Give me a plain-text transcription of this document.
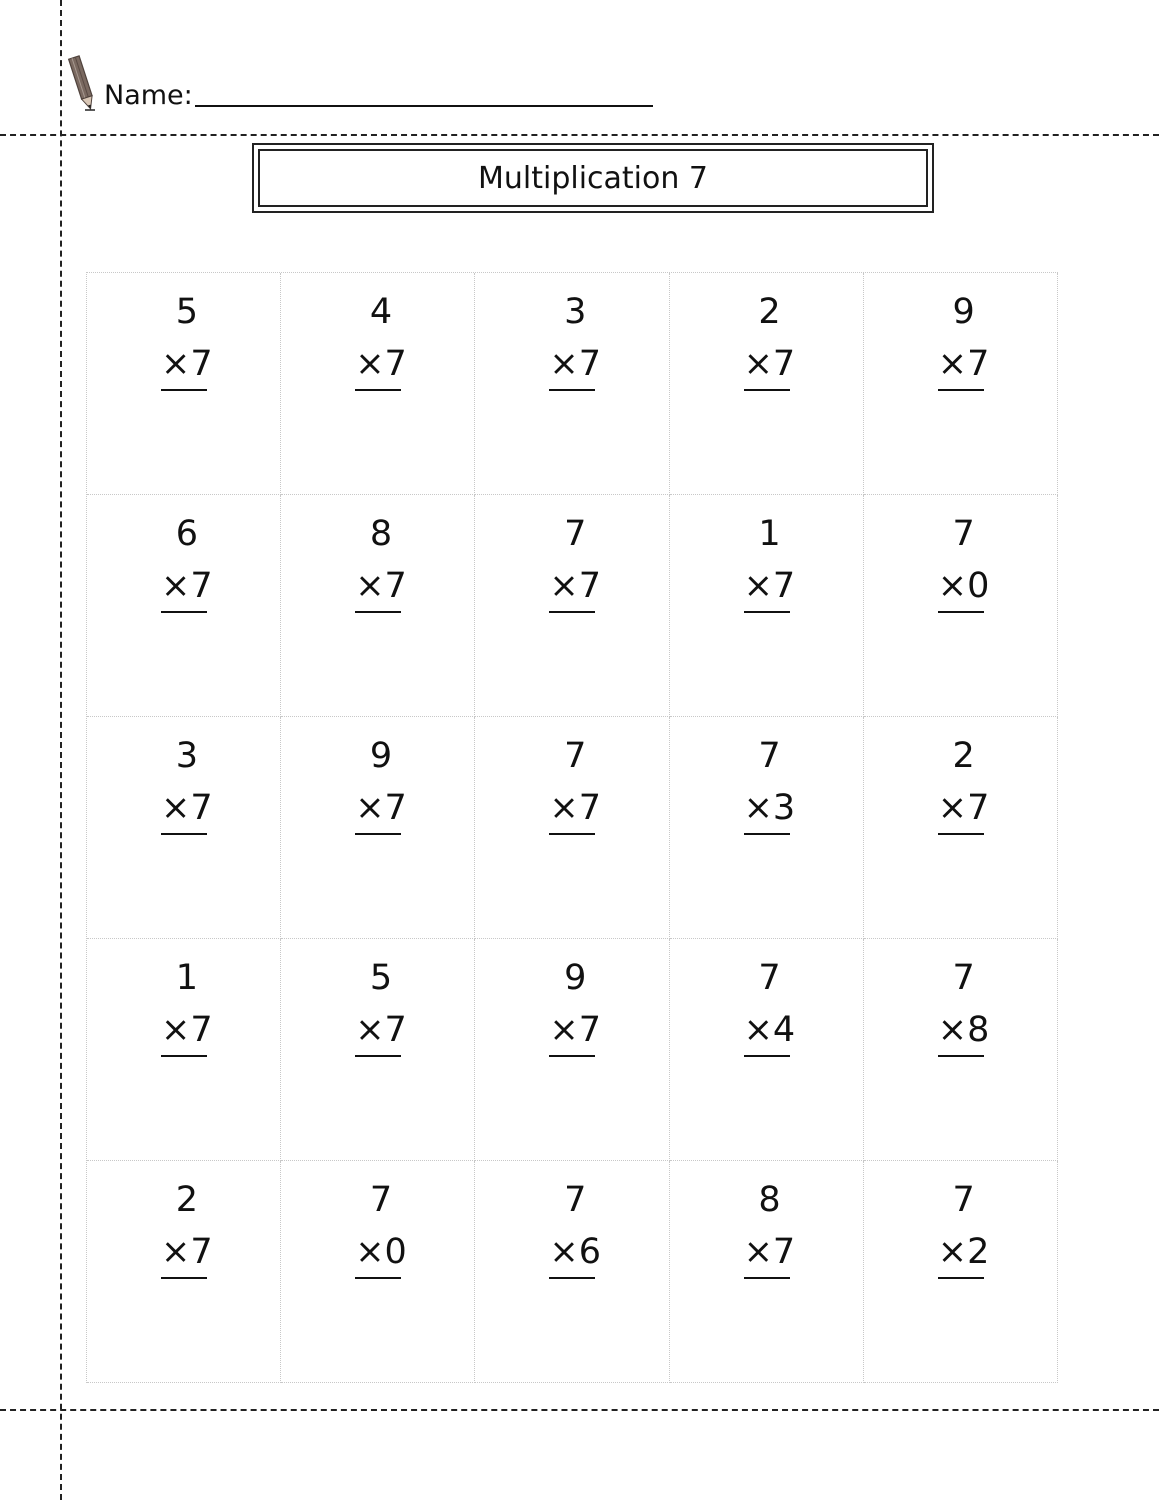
Name:
Multiplication 7
5
×7
4
×7
3
×7
2
×7
9
×7
6
×7
8
×7
7
×7
1
×7
7
×0
3
×7
9
×7
7
×7
7
×3
2
×7
1
×7
5
×7
9
×7
7
×4
7
×8
2
×7
7
×0
7
×6
8
×7
7
×2
